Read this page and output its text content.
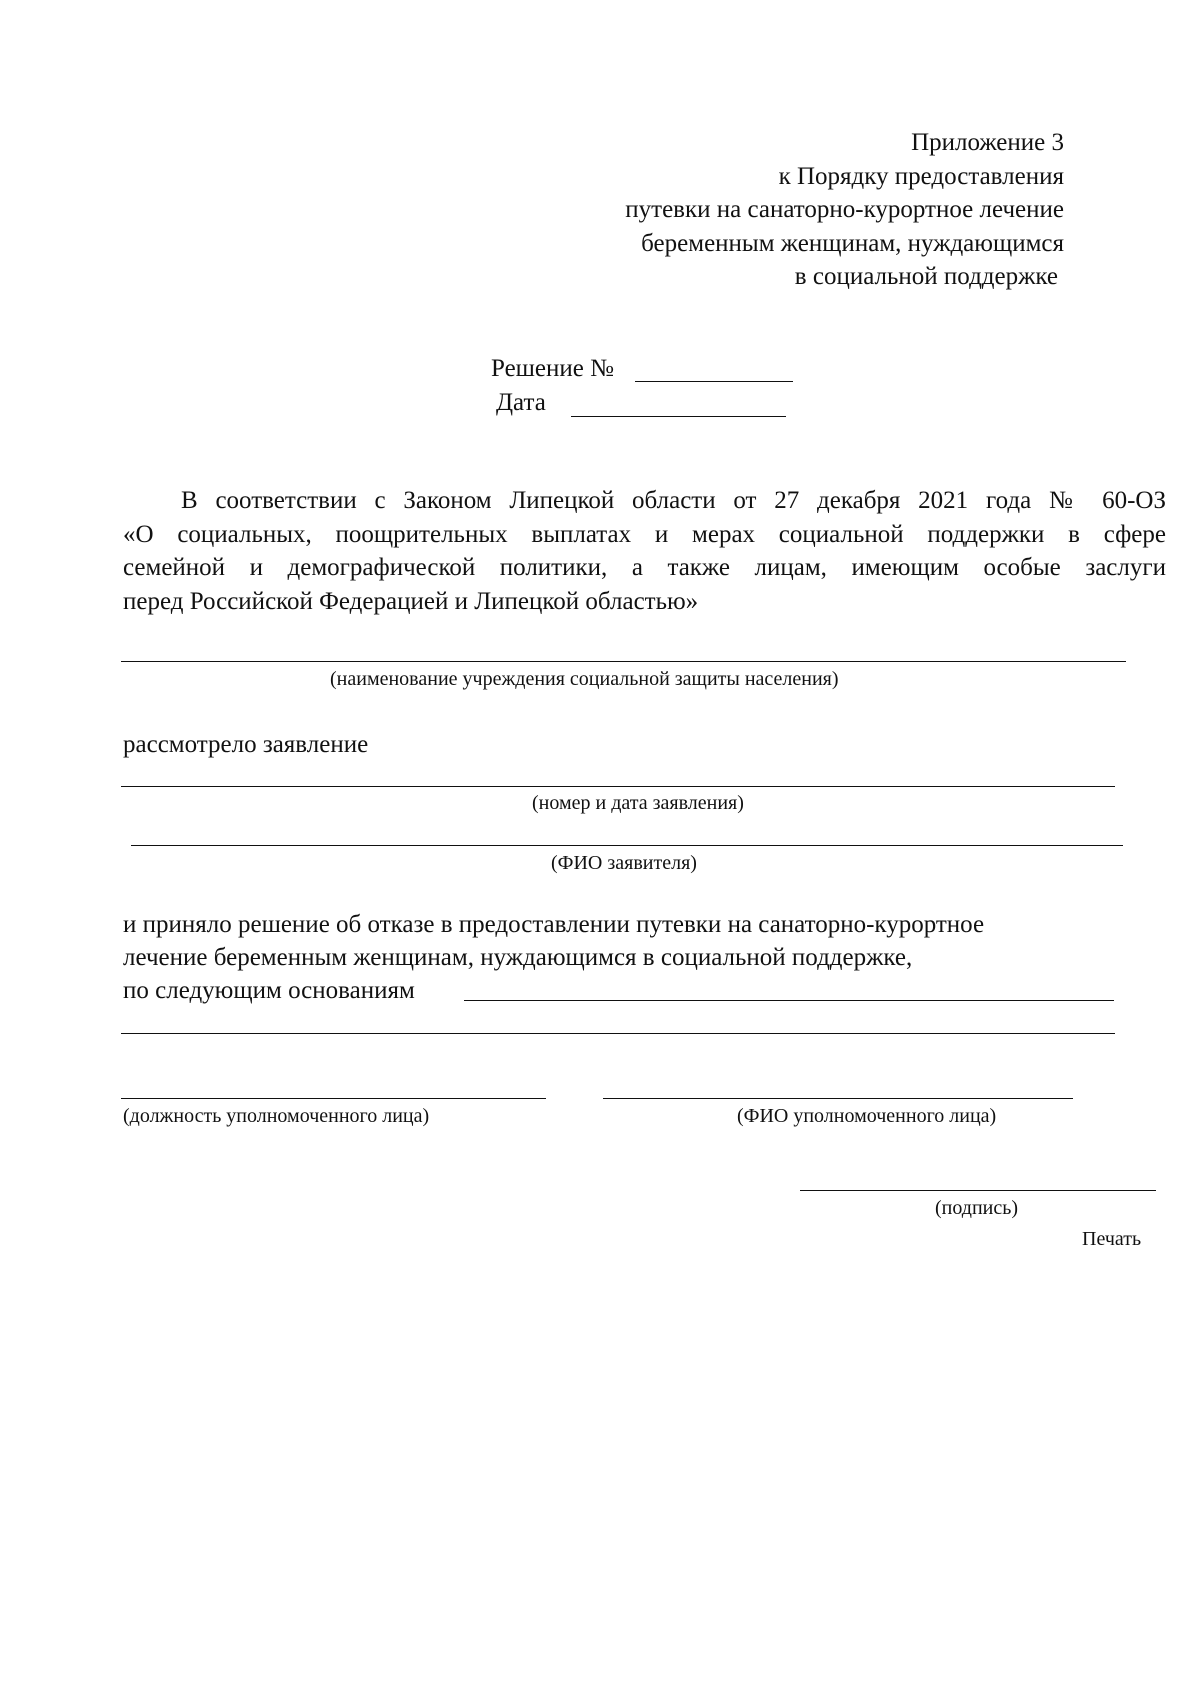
Приложение 3
к Порядку предоставления
путевки на санаторно-курортное лечение
беременным женщинам, нуждающимся
в социальной поддержке
Решение №
Дата
В соответствии с Законом Липецкой области от 27 декабря 2021 года № 60-ОЗ
«О социальных, поощрительных выплатах и мерах социальной поддержки в сфере
семейной и демографической политики, а также лицам, имеющим особые заслуги
перед Российской Федерацией и Липецкой областью»
(наименование учреждения социальной защиты населения)
рассмотрело заявление
(номер и дата заявления)
(ФИО заявителя)
и приняло решение об отказе в предоставлении путевки на санаторно-курортное
лечение беременным женщинам, нуждающимся в социальной поддержке,
по следующим основаниям
(должность уполномоченного лица)	(ФИО уполномоченного лица)
(подпись)
Печать
